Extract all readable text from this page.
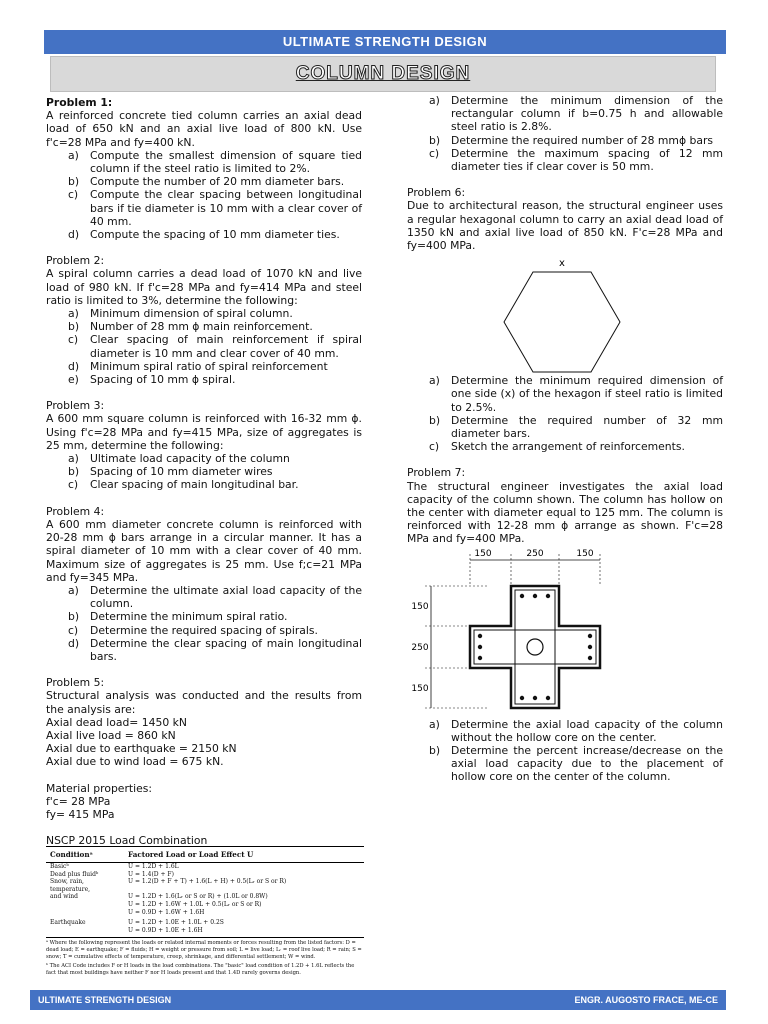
ULTIMATE STRENGTH DESIGN
COLUMN DESIGN

Problem 1:

A reinforced concrete tied column carries an axial dead load of 650 kN and an axial live load of 800 kN. Use f'c=28 MPa and fy=400 kN.

a) Compute the smallest dimension of square tied column if the steel ratio is limited to 2%.
b) Compute the number of 20 mm diameter bars.
c) Compute the clear spacing between longitudinal bars if tie diameter is 10 mm with a clear cover of 40 mm.
d) Compute the spacing of 10 mm diameter ties.

Problem 2:

A spiral column carries a dead load of 1070 kN and live load of 980 kN. If f'c=28 MPa and fy=414 MPa and steel ratio is limited to 3%, determine the following:

a) Minimum dimension of spiral column.
b) Number of 28 mm ϕ main reinforcement.
c) Clear spacing of main reinforcement if spiral diameter is 10 mm and clear cover of 40 mm.
d) Minimum spiral ratio of spiral reinforcement
e) Spacing of 10 mm ϕ spiral.

Problem 3:

A 600 mm square column is reinforced with 16-32 mm ϕ. Using f'c=28 MPa and fy=415 MPa, size of aggregates is 25 mm, determine the following:

a) Ultimate load capacity of the column
b) Spacing of 10 mm diameter wires
c) Clear spacing of main longitudinal bar.

Problem 4:

A 600 mm diameter concrete column is reinforced with 20-28 mm ϕ bars arrange in a circular manner. It has a spiral diameter of 10 mm with a clear cover of 40 mm. Maximum size of aggregates is 25 mm. Use f;c=21 MPa and fy=345 MPa.

a) Determine the ultimate axial load capacity of the column.
b) Determine the minimum spiral ratio.
c) Determine the required spacing of spirals.
d) Determine the clear spacing of main longitudinal bars.

Problem 5:

Structural analysis was conducted and the results from the analysis are:

Axial dead load= 1450 kN

Axial live load = 860 kN

Axial due to earthquake = 2150 kN

Axial due to wind load = 675 kN.

Material properties:

f'c= 28 MPa

fy= 415 MPa

NSCP 2015 Load Combination

Conditionᵃ	Factored Load or Load Effect U
Basicᵇ	U = 1.2D + 1.6L
Dead plus fluidᵇ	U = 1.4(D + F)
Snow, rain, temperature,	U = 1.2(D + F + T) + 1.6(L + H) + 0.5(Lᵣ or S or R)
and wind	U = 1.2D + 1.6(Lᵣ or S or R) + (1.0L or 0.8W)
	U = 1.2D + 1.6W + 1.0L + 0.5(Lᵣ or S or R)
	U = 0.9D + 1.6W + 1.6H
Earthquake	U = 1.2D + 1.0E + 1.0L + 0.2S
	U = 0.9D + 1.0E + 1.6H
ᵃ Where the following represent the loads or related internal moments or forces resulting from the listed factors: D = dead load; E = earthquake; F = fluids; H = weight or pressure from soil; L = live load; Lᵣ = roof live load; R = rain; S = snow; T = cumulative effects of temperature, creep, shrinkage, and differential settlement; W = wind.
ᵇ The ACI Code includes F or H loads in the load combinations. The "basic" load condition of 1.2D + 1.6L reflects the fact that most buildings have neither F nor H loads present and that 1.4D rarely governs design.
a) Determine the minimum dimension of the rectangular column if b=0.75 h and allowable steel ratio is 2.8%.
b) Determine the required number of 28 mmϕ bars
c) Determine the maximum spacing of 12 mm diameter ties if clear cover is 50 mm.

Problem 6:

Due to architectural reason, the structural engineer uses a regular hexagonal column to carry an axial dead load of 1350 kN and axial live load of 850 kN. F'c=28 MPa and fy=400 MPa.

x
a) Determine the minimum required dimension of one side (x) of the hexagon if steel ratio is limited to 2.5%.
b) Determine the required number of 32 mm diameter bars.
c) Sketch the arrangement of reinforcements.

Problem 7:

The structural engineer investigates the axial load capacity of the column shown. The column has hollow on the center with diameter equal to 125 mm. The column is reinforced with 12-28 mm ϕ arrange as shown. F'c=28 MPa and fy=400 MPa.

150	250	150
150
250
150
a) Determine the axial load capacity of the column without the hollow core on the center.
b) Determine the percent increase/decrease on the axial load capacity due to the placement of hollow core on the center of the column.
ULTIMATE STRENGTH DESIGN	ENGR. AUGOSTO FRACE, ME-CE
